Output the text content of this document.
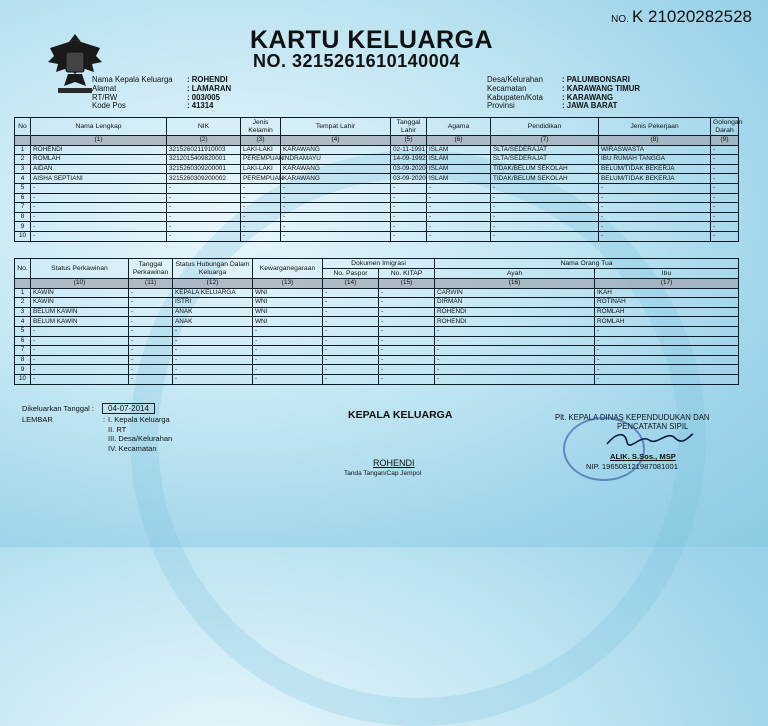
NO. K 21020282528
KARTU KELUARGA
NO. 3215261610140004
Nama Kepala Keluarga	: ROHENDI
Alamat	: LAMARAN
RT/RW	: 003/005
Kode Pos	: 41314
Desa/Kelurahan	: PALUMBONSARI
Kecamatan	: KARAWANG TIMUR
Kabupaten/Kota	: KARAWANG
Provinsi	: JAWA BARAT
No	Nama Lengkap	NIK	Jenis Kelamin	Tempat Lahir	Tanggal Lahir	Agama	Pendidikan	Jenis Pekerjaan	Golongan Darah
	(1)	(2)	(3)	(4)	(5)	(6)	(7)	(8)	(9)
1	ROHENDI	3215260211910003	LAKI-LAKI	KARAWANG	02-11-1991	ISLAM	SLTA/SEDERAJAT	WIRASWASTA	-
2	ROMLAH	3212015409820001	PEREMPUAN	INDRAMAYU	14-09-1992	ISLAM	SLTA/SEDERAJAT	IBU RUMAH TANGGA	-
3	AIDAN	3215260309200001	LAKI-LAKI	KARAWANG	03-09-2020	ISLAM	TIDAK/BELUM SEKOLAH	BELUM/TIDAK BEKERJA	-
4	AISHA SEPTIANI	3215260309200002	PEREMPUAN	KARAWANG	03-09-2020	ISLAM	TIDAK/BELUM SEKOLAH	BELUM/TIDAK BEKERJA	-
5	-	-	-	-	-	-	-	-	-
6	-	-	-	-	-	-	-	-	-
7	-	-	-	-	-	-	-	-	-
8	-	-	-	-	-	-	-	-	-
9	-	-	-	-	-	-	-	-	-
10	-	-	-	-	-	-	-	-	-
No.	Status Perkawinan	Tanggal Perkawinan	Status Hubungan Dalam Keluarga	Kewarganegaraan	Dokumen Imigrasi		Nama Orang Tua	
					No. Paspor	No. KITAP	Ayah	Ibu
	(10)	(11)	(12)	(13)	(14)	(15)	(16)	(17)
1	KAWIN	-	KEPALA KELUARGA	WNI	-	-	CARWIN	IKAH
2	KAWIN	-	ISTRI	WNI	-	-	DIRMAN	ROTINAH
3	BELUM KAWIN	-	ANAK	WNI	-	-	ROHENDI	ROMLAH
4	BELUM KAWIN	-	ANAK	WNI	-	-	ROHENDI	ROMLAH
5	-	-	-	-	-	-	-	-
6	-	-	-	-	-	-	-	-
7	-	-	-	-	-	-	-	-
8	-	-	-	-	-	-	-	-
9	-	-	-	-	-	-	-	-
10	-	-	-	-	-	-	-	-
Dikeluarkan Tanggal : 04-07-2014
LEMBAR	: I. Kepala Keluarga
II. RT
III. Desa/Kelurahan
IV. Kecamatan
KEPALA KELUARGA
ROHENDI
Tanda Tangan/Cap Jempol
Plt. KEPALA DINAS KEPENDUDUKAN DAN
PENCATATAN SIPIL
ALIK. S.Sos., MSP
NIP. 196508121987081001
